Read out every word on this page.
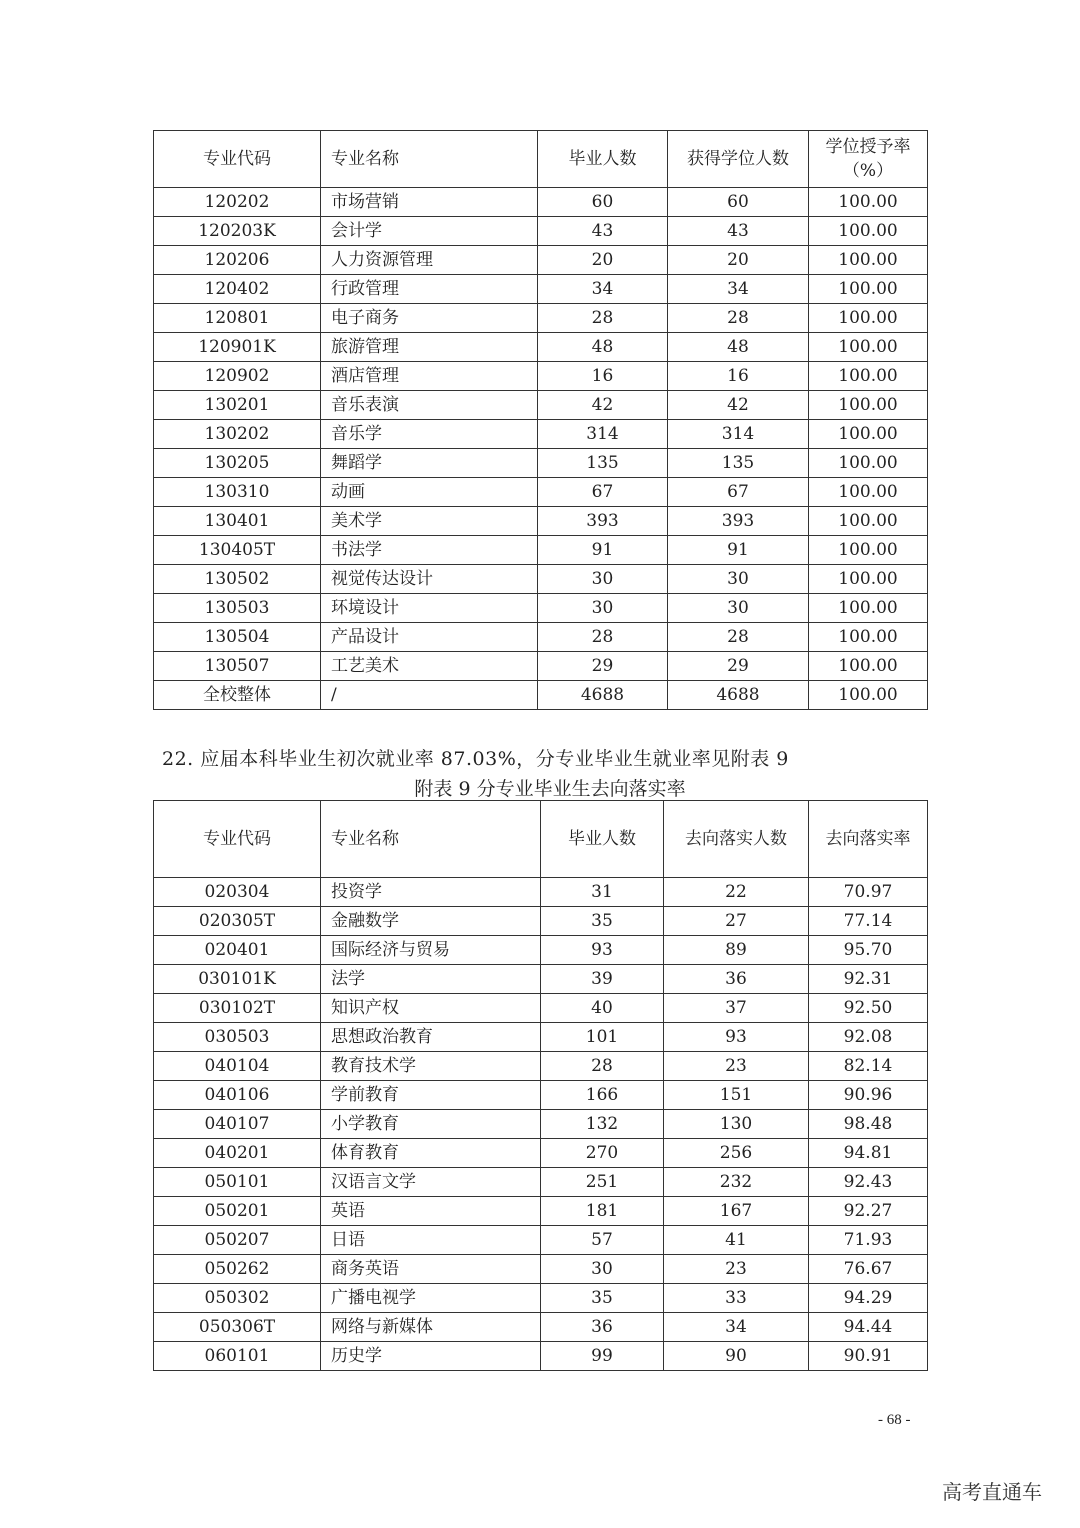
专业代码	专业名称	毕业人数	获得学位人数	学位授予率
（%）
120202	市场营销	60	60	100.00
120203K	会计学	43	43	100.00
120206	人力资源管理	20	20	100.00
120402	行政管理	34	34	100.00
120801	电子商务	28	28	100.00
120901K	旅游管理	48	48	100.00
120902	酒店管理	16	16	100.00
130201	音乐表演	42	42	100.00
130202	音乐学	314	314	100.00
130205	舞蹈学	135	135	100.00
130310	动画	67	67	100.00
130401	美术学	393	393	100.00
130405T	书法学	91	91	100.00
130502	视觉传达设计	30	30	100.00
130503	环境设计	30	30	100.00
130504	产品设计	28	28	100.00
130507	工艺美术	29	29	100.00
全校整体	/	4688	4688	100.00
22. 应届本科毕业生初次就业率 87.03%，分专业毕业生就业率见附表 9
附表 9 分专业毕业生去向落实率
专业代码	专业名称	毕业人数	去向落实人数	去向落实率
020304	投资学	31	22	70.97
020305T	金融数学	35	27	77.14
020401	国际经济与贸易	93	89	95.70
030101K	法学	39	36	92.31
030102T	知识产权	40	37	92.50
030503	思想政治教育	101	93	92.08
040104	教育技术学	28	23	82.14
040106	学前教育	166	151	90.96
040107	小学教育	132	130	98.48
040201	体育教育	270	256	94.81
050101	汉语言文学	251	232	92.43
050201	英语	181	167	92.27
050207	日语	57	41	71.93
050262	商务英语	30	23	76.67
050302	广播电视学	35	33	94.29
050306T	网络与新媒体	36	34	94.44
060101	历史学	99	90	90.91
- 68 -
高考直通车
